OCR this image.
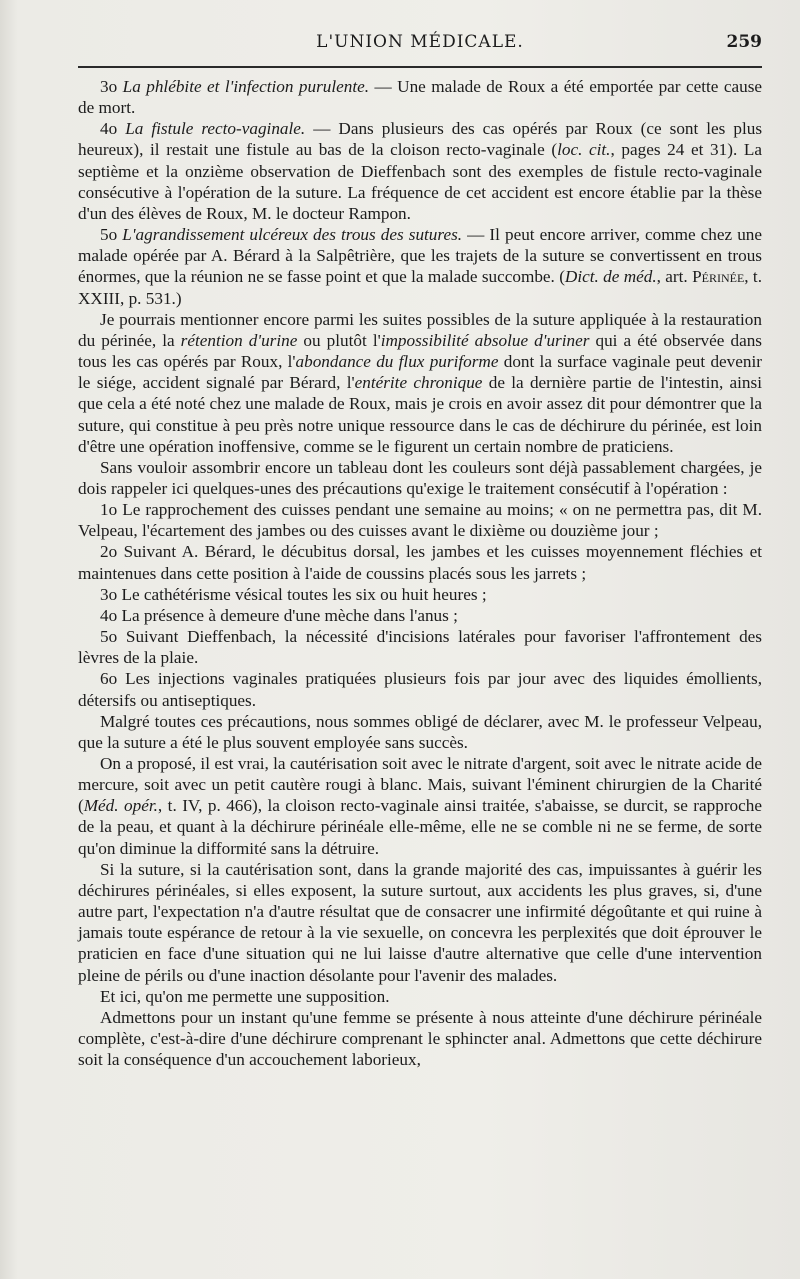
L'UNION MÉDICALE.	259

3o La phlébite et l'infection purulente. — Une malade de Roux a été emportée par cette cause de mort.

4o La fistule recto-vaginale. — Dans plusieurs des cas opérés par Roux (ce sont les plus heureux), il restait une fistule au bas de la cloison recto-vaginale (loc. cit., pages 24 et 31). La septième et la onzième observation de Dieffenbach sont des exemples de fistule recto-vaginale consécutive à l'opération de la suture. La fréquence de cet accident est encore établie par la thèse d'un des élèves de Roux, M. le docteur Rampon.

5o L'agrandissement ulcéreux des trous des sutures. — Il peut encore arriver, comme chez une malade opérée par A. Bérard à la Salpêtrière, que les trajets de la suture se convertissent en trous énormes, que la réunion ne se fasse point et que la malade succombe. (Dict. de méd., art. Périnée, t. XXIII, p. 531.)

Je pourrais mentionner encore parmi les suites possibles de la suture appliquée à la restauration du périnée, la rétention d'urine ou plutôt l'impossibilité absolue d'uriner qui a été observée dans tous les cas opérés par Roux, l'abondance du flux puriforme dont la surface vaginale peut devenir le siége, accident signalé par Bérard, l'entérite chronique de la dernière partie de l'intestin, ainsi que cela a été noté chez une malade de Roux, mais je crois en avoir assez dit pour démontrer que la suture, qui constitue à peu près notre unique ressource dans le cas de déchirure du périnée, est loin d'être une opération inoffensive, comme se le figurent un certain nombre de praticiens.

Sans vouloir assombrir encore un tableau dont les couleurs sont déjà passablement chargées, je dois rappeler ici quelques-unes des précautions qu'exige le traitement consécutif à l'opération :

1o Le rapprochement des cuisses pendant une semaine au moins; « on ne permettra pas, dit M. Velpeau, l'écartement des jambes ou des cuisses avant le dixième ou douzième jour ;

2o Suivant A. Bérard, le décubitus dorsal, les jambes et les cuisses moyennement fléchies et maintenues dans cette position à l'aide de coussins placés sous les jarrets ;

3o Le cathétérisme vésical toutes les six ou huit heures ;

4o La présence à demeure d'une mèche dans l'anus ;

5o Suivant Dieffenbach, la nécessité d'incisions latérales pour favoriser l'affrontement des lèvres de la plaie.

6o Les injections vaginales pratiquées plusieurs fois par jour avec des liquides émollients, détersifs ou antiseptiques.

Malgré toutes ces précautions, nous sommes obligé de déclarer, avec M. le professeur Velpeau, que la suture a été le plus souvent employée sans succès.

On a proposé, il est vrai, la cautérisation soit avec le nitrate d'argent, soit avec le nitrate acide de mercure, soit avec un petit cautère rougi à blanc. Mais, suivant l'éminent chirurgien de la Charité (Méd. opér., t. IV, p. 466), la cloison recto-vaginale ainsi traitée, s'abaisse, se durcit, se rapproche de la peau, et quant à la déchirure périnéale elle-même, elle ne se comble ni ne se ferme, de sorte qu'on diminue la difformité sans la détruire.

Si la suture, si la cautérisation sont, dans la grande majorité des cas, impuissantes à guérir les déchirures périnéales, si elles exposent, la suture surtout, aux accidents les plus graves, si, d'une autre part, l'expectation n'a d'autre résultat que de consacrer une infirmité dégoûtante et qui ruine à jamais toute espérance de retour à la vie sexuelle, on concevra les perplexités que doit éprouver le praticien en face d'une situation qui ne lui laisse d'autre alternative que celle d'une intervention pleine de périls ou d'une inaction désolante pour l'avenir des malades.

Et ici, qu'on me permette une supposition.

Admettons pour un instant qu'une femme se présente à nous atteinte d'une déchirure périnéale complète, c'est-à-dire d'une déchirure comprenant le sphincter anal. Admettons que cette déchirure soit la conséquence d'un accouchement laborieux,
